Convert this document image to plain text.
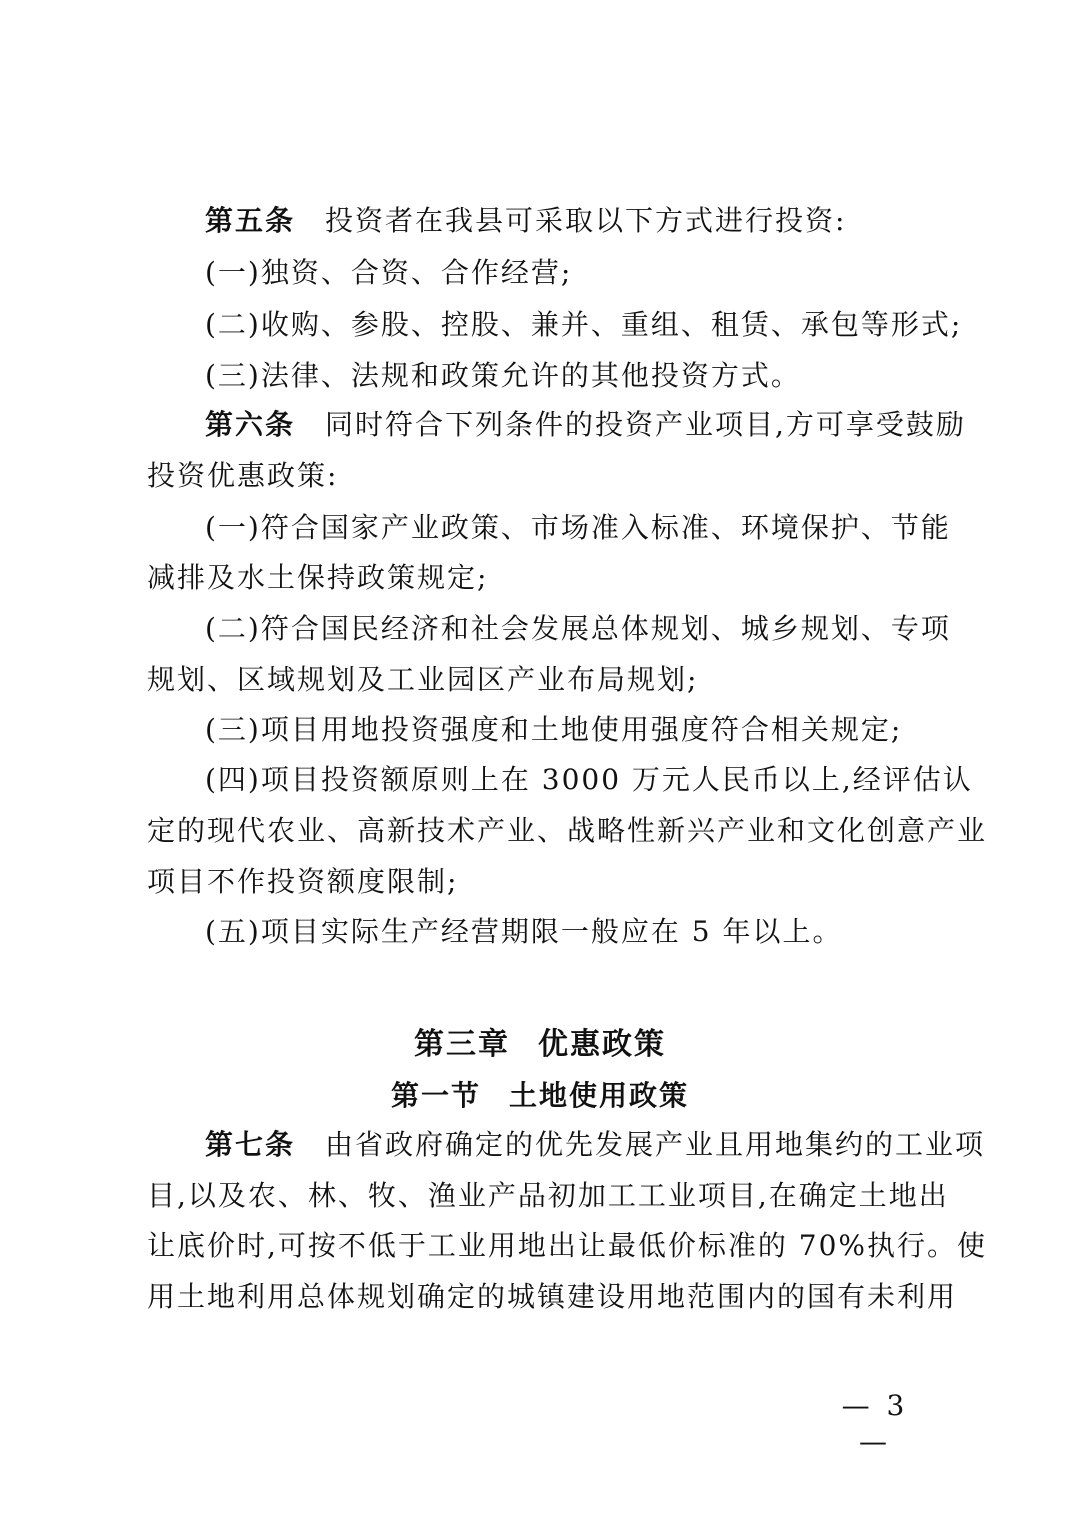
第五条 投资者在我县可采取以下方式进行投资:
(一)独资、合资、合作经营;
(二)收购、参股、控股、兼并、重组、租赁、承包等形式;
(三)法律、法规和政策允许的其他投资方式。
第六条 同时符合下列条件的投资产业项目,方可享受鼓励
投资优惠政策:
(一)符合国家产业政策、市场准入标准、环境保护、节能
减排及水土保持政策规定;
(二)符合国民经济和社会发展总体规划、城乡规划、专项
规划、区域规划及工业园区产业布局规划;
(三)项目用地投资强度和土地使用强度符合相关规定;
(四)项目投资额原则上在 3000 万元人民币以上,经评估认
定的现代农业、高新技术产业、战略性新兴产业和文化创意产业
项目不作投资额度限制;
(五)项目实际生产经营期限一般应在 5 年以上。
第三章 优惠政策
第一节 土地使用政策
第七条 由省政府确定的优先发展产业且用地集约的工业项
目,以及农、林、牧、渔业产品初加工工业项目,在确定土地出
让底价时,可按不低于工业用地出让最低价标准的 70%执行。使
用土地利用总体规划确定的城镇建设用地范围内的国有未利用
— 3 —
